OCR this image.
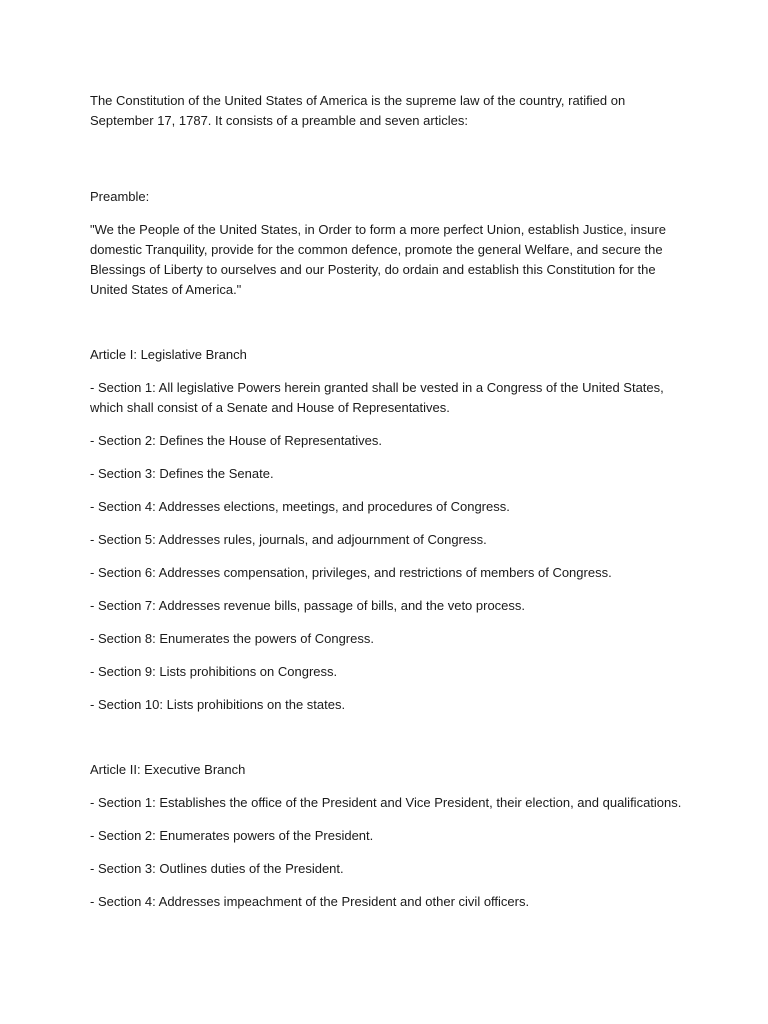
The Constitution of the United States of America is the supreme law of the country, ratified on September 17, 1787. It consists of a preamble and seven articles:

Preamble:

"We the People of the United States, in Order to form a more perfect Union, establish Justice, insure domestic Tranquility, provide for the common defence, promote the general Welfare, and secure the Blessings of Liberty to ourselves and our Posterity, do ordain and establish this Constitution for the United States of America."

Article I: Legislative Branch

- Section 1: All legislative Powers herein granted shall be vested in a Congress of the United States, which shall consist of a Senate and House of Representatives.

- Section 2: Defines the House of Representatives.

- Section 3: Defines the Senate.

- Section 4: Addresses elections, meetings, and procedures of Congress.

- Section 5: Addresses rules, journals, and adjournment of Congress.

- Section 6: Addresses compensation, privileges, and restrictions of members of Congress.

- Section 7: Addresses revenue bills, passage of bills, and the veto process.

- Section 8: Enumerates the powers of Congress.

- Section 9: Lists prohibitions on Congress.

- Section 10: Lists prohibitions on the states.

Article II: Executive Branch

- Section 1: Establishes the office of the President and Vice President, their election, and qualifications.

- Section 2: Enumerates powers of the President.

- Section 3: Outlines duties of the President.

- Section 4: Addresses impeachment of the President and other civil officers.
